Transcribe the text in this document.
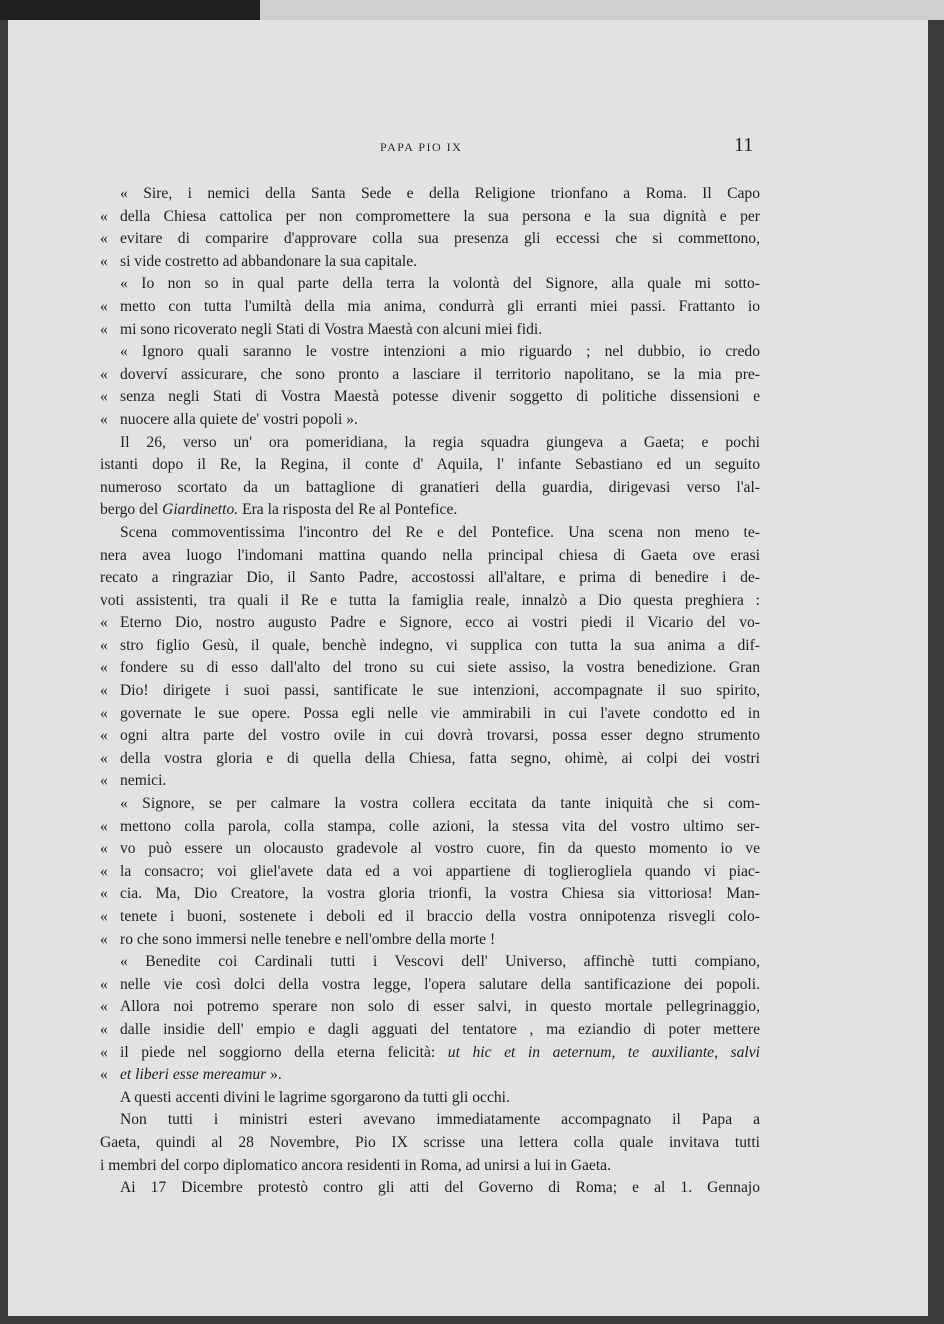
PAPA PIO IX	11
« Sire, i nemici della Santa Sede e della Religione trionfano a Roma. Il Capo
« della Chiesa cattolica per non compromettere la sua persona e la sua dignità e per
« evitare di comparire d'approvare colla sua presenza gli eccessi che si commettono,
« si vide costretto ad abbandonare la sua capitale.
« Io non so in qual parte della terra la volontà del Signore, alla quale mi sotto-
« metto con tutta l'umiltà della mia anima, condurrà gli erranti miei passi. Frattanto io
« mi sono ricoverato negli Stati di Vostra Maestà con alcuni miei fidi.
« Ignoro quali saranno le vostre intenzioni a mio riguardo ; nel dubbio, io credo
« doverví assicurare, che sono pronto a lasciare il territorio napolitano, se la mia pre-
« senza negli Stati di Vostra Maestà potesse divenir soggetto di politiche dissensioni e
« nuocere alla quiete de' vostri popoli ».
Il 26, verso un' ora pomeridiana, la regia squadra giungeva a Gaeta; e pochi
istanti dopo il Re, la Regina, il conte d' Aquila, l' infante Sebastiano ed un seguito
numeroso scortato da un battaglione di granatieri della guardia, dirigevasi verso l'al-
bergo del Giardinetto. Era la risposta del Re al Pontefice.
Scena commoventissima l'incontro del Re e del Pontefice. Una scena non meno te-
nera avea luogo l'indomani mattina quando nella principal chiesa di Gaeta ove erasi
recato a ringraziar Dio, il Santo Padre, accostossi all'altare, e prima di benedire i de-
voti assistenti, tra quali il Re e tutta la famiglia reale, innalzò a Dio questa preghiera :
« Eterno Dio, nostro augusto Padre e Signore, ecco ai vostri piedi il Vicario del vo-
« stro figlio Gesù, il quale, benchè indegno, vi supplica con tutta la sua anima a dif-
« fondere su di esso dall'alto del trono su cui siete assiso, la vostra benedizione. Gran
« Dio! dirigete i suoi passi, santificate le sue intenzioni, accompagnate il suo spirito,
« governate le sue opere. Possa egli nelle vie ammirabili in cui l'avete condotto ed in
« ogni altra parte del vostro ovile in cui dovrà trovarsi, possa esser degno strumento
« della vostra gloria e di quella della Chiesa, fatta segno, ohimè, ai colpi dei vostri
« nemici.
« Signore, se per calmare la vostra collera eccitata da tante iniquità che si com-
« mettono colla parola, colla stampa, colle azioni, la stessa vita del vostro ultimo ser-
« vo può essere un olocausto gradevole al vostro cuore, fin da questo momento io ve
« la consacro; voi gliel'avete data ed a voi appartiene di toglierogliela quando vi piac-
« cia. Ma, Dio Creatore, la vostra gloria trionfi, la vostra Chiesa sia vittoriosa! Man-
« tenete i buoni, sostenete i deboli ed il braccio della vostra onnipotenza risvegli colo-
« ro che sono immersi nelle tenebre e nell'ombre della morte !
« Benedite coi Cardinali tutti i Vescovi dell' Universo, affinchè tutti compiano,
« nelle vie così dolci della vostra legge, l'opera salutare della santificazione dei popoli.
« Allora noi potremo sperare non solo di esser salvi, in questo mortale pellegrinaggio,
« dalle insidie dell' empio e dagli agguati del tentatore , ma eziandio di poter mettere
« il piede nel soggiorno della eterna felicità: ut hic et in aeternum, te auxiliante, salvi
« et liberi esse mereamur ».
A questi accenti divini le lagrime sgorgarono da tutti gli occhi.
Non tutti i ministri esteri avevano immediatamente accompagnato il Papa a
Gaeta, quindi al 28 Novembre, Pio IX scrisse una lettera colla quale invitava tutti
i membri del corpo diplomatico ancora residenti in Roma, ad unirsi a lui in Gaeta.
Ai 17 Dicembre protestò contro gli atti del Governo di Roma; e al 1. Gennajo
